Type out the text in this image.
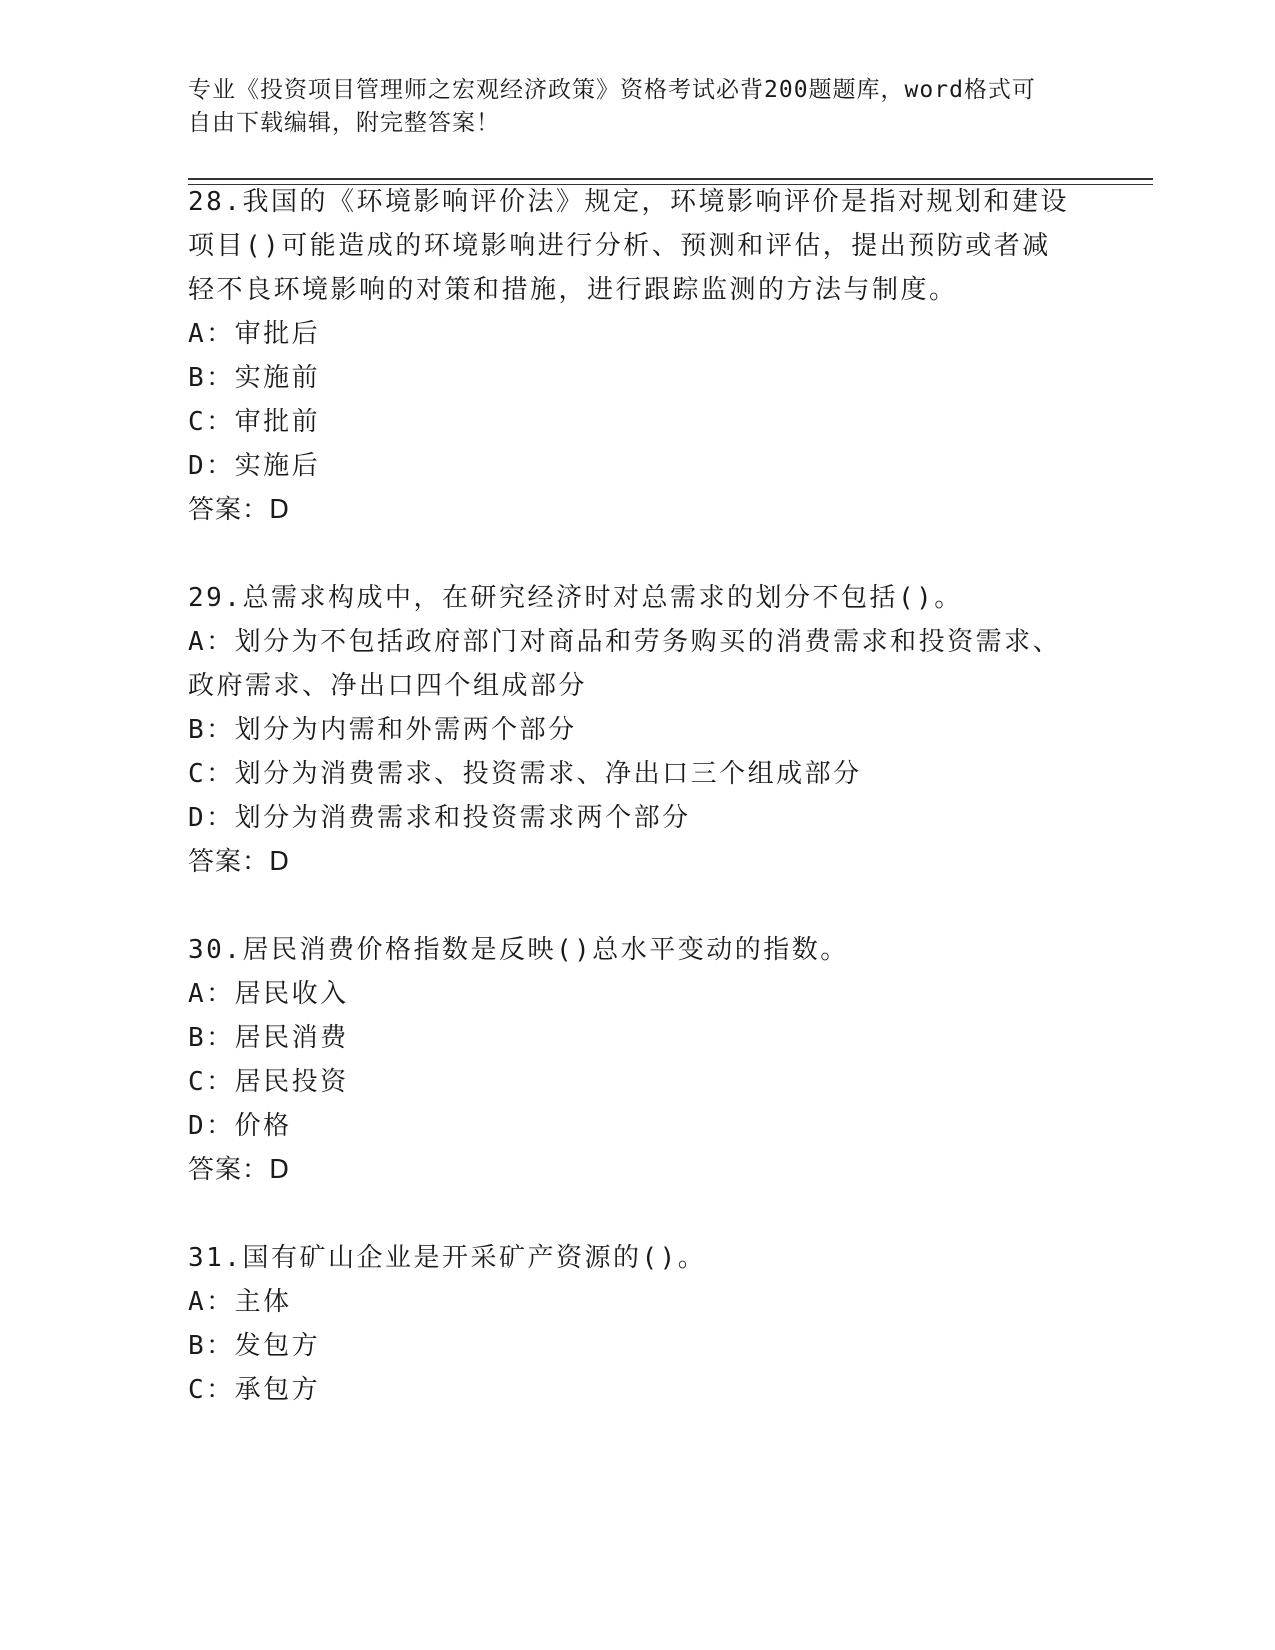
专业《投资项目管理师之宏观经济政策》资格考试必背200题题库，word格式可
自由下载编辑，附完整答案！
28.我国的《环境影响评价法》规定，环境影响评价是指对规划和建设
项目()可能造成的环境影响进行分析、预测和评估，提出预防或者减
轻不良环境影响的对策和措施，进行跟踪监测的方法与制度。
A：审批后
B：实施前
C：审批前
D：实施后
答案：D
29.总需求构成中，在研究经济时对总需求的划分不包括()。
A：划分为不包括政府部门对商品和劳务购买的消费需求和投资需求、
政府需求、净出口四个组成部分
B：划分为内需和外需两个部分
C：划分为消费需求、投资需求、净出口三个组成部分
D：划分为消费需求和投资需求两个部分
答案：D
30.居民消费价格指数是反映()总水平变动的指数。
A：居民收入
B：居民消费
C：居民投资
D：价格
答案：D
31.国有矿山企业是开采矿产资源的()。
A：主体
B：发包方
C：承包方
